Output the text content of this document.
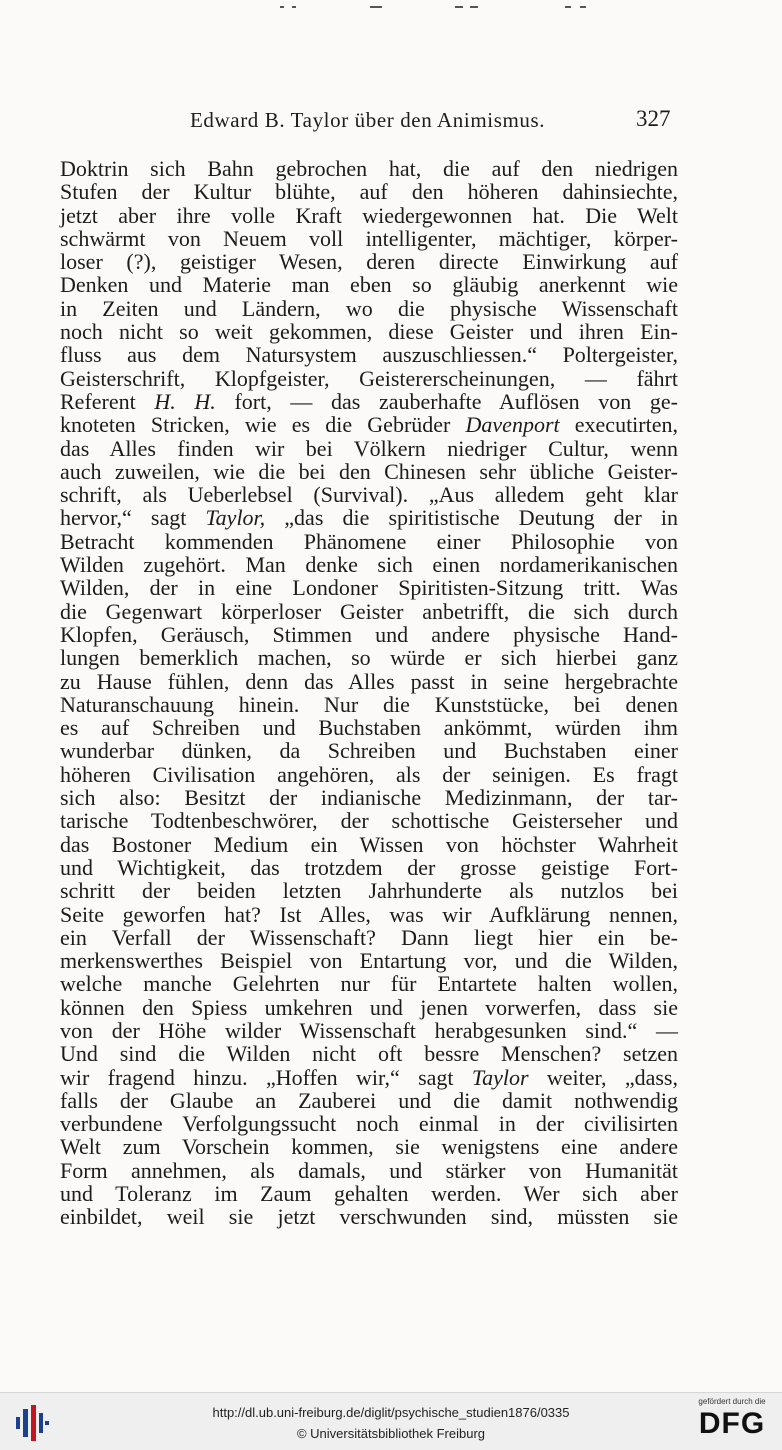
Edward B. Taylor über den Animismus.	327
Doktrin sich Bahn gebrochen hat, die auf den niedrigen
Stufen der Kultur blühte, auf den höheren dahinsiechte,
jetzt aber ihre volle Kraft wiedergewonnen hat. Die Welt
schwärmt von Neuem voll intelligenter, mächtiger, körper-
loser (?), geistiger Wesen, deren directe Einwirkung auf
Denken und Materie man eben so gläubig anerkennt wie
in Zeiten und Ländern, wo die physische Wissenschaft
noch nicht so weit gekommen, diese Geister und ihren Ein-
fluss aus dem Natursystem auszuschliessen.“ Poltergeister,
Geisterschrift, Klopfgeister, Geistererscheinungen, — fährt
Referent H. H. fort, — das zauberhafte Auflösen von ge-
knoteten Stricken, wie es die Gebrüder Davenport executirten,
das Alles finden wir bei Völkern niedriger Cultur, wenn
auch zuweilen, wie die bei den Chinesen sehr übliche Geister-
schrift, als Ueberlebsel (Survival). „Aus alledem geht klar
hervor,“ sagt Taylor, „das die spiritistische Deutung der in
Betracht kommenden Phänomene einer Philosophie von
Wilden zugehört. Man denke sich einen nordamerikanischen
Wilden, der in eine Londoner Spiritisten-Sitzung tritt. Was
die Gegenwart körperloser Geister anbetrifft, die sich durch
Klopfen, Geräusch, Stimmen und andere physische Hand-
lungen bemerklich machen, so würde er sich hierbei ganz
zu Hause fühlen, denn das Alles passt in seine hergebrachte
Naturanschauung hinein. Nur die Kunststücke, bei denen
es auf Schreiben und Buchstaben ankömmt, würden ihm
wunderbar dünken, da Schreiben und Buchstaben einer
höheren Civilisation angehören, als der seinigen. Es fragt
sich also: Besitzt der indianische Medizinmann, der tar-
tarische Todtenbeschwörer, der schottische Geisterseher und
das Bostoner Medium ein Wissen von höchster Wahrheit
und Wichtigkeit, das trotzdem der grosse geistige Fort-
schritt der beiden letzten Jahrhunderte als nutzlos bei
Seite geworfen hat? Ist Alles, was wir Aufklärung nennen,
ein Verfall der Wissenschaft? Dann liegt hier ein be-
merkenswerthes Beispiel von Entartung vor, und die Wilden,
welche manche Gelehrten nur für Entartete halten wollen,
können den Spiess umkehren und jenen vorwerfen, dass sie
von der Höhe wilder Wissenschaft herabgesunken sind.“ —
Und sind die Wilden nicht oft bessre Menschen? setzen
wir fragend hinzu. „Hoffen wir,“ sagt Taylor weiter, „dass,
falls der Glaube an Zauberei und die damit nothwendig
verbundene Verfolgungssucht noch einmal in der civilisirten
Welt zum Vorschein kommen, sie wenigstens eine andere
Form annehmen, als damals, und stärker von Humanität
und Toleranz im Zaum gehalten werden. Wer sich aber
einbildet, weil sie jetzt verschwunden sind, müssten sie
http://dl.ub.uni-freiburg.de/diglit/psychische_studien1876/0335
© Universitätsbibliothek Freiburg
gefördert durch die
DFG
